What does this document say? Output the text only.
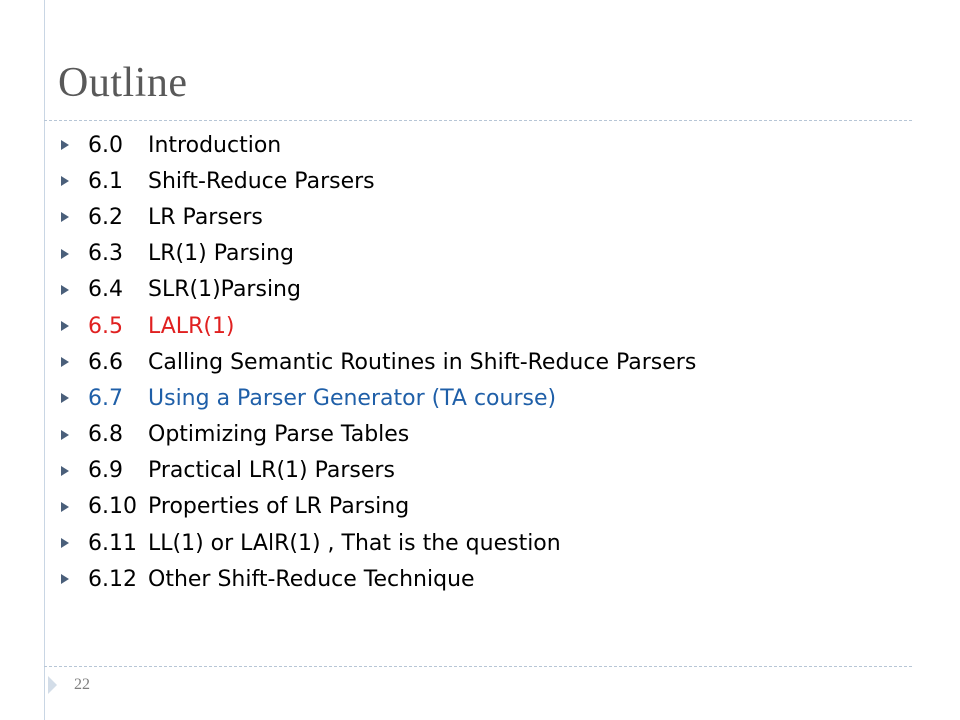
Outline
6.0	Introduction
6.1	Shift-Reduce Parsers
6.2	LR Parsers
6.3	LR(1) Parsing
6.4	SLR(1)Parsing
6.5	LALR(1)
6.6	Calling Semantic Routines in Shift-Reduce Parsers
6.7	Using a Parser Generator (TA course)
6.8	Optimizing Parse Tables
6.9	Practical LR(1) Parsers
6.10 Properties of LR Parsing
6.11 LL(1) or LAlR(1) , That is the question
6.12 Other Shift-Reduce Technique
22
